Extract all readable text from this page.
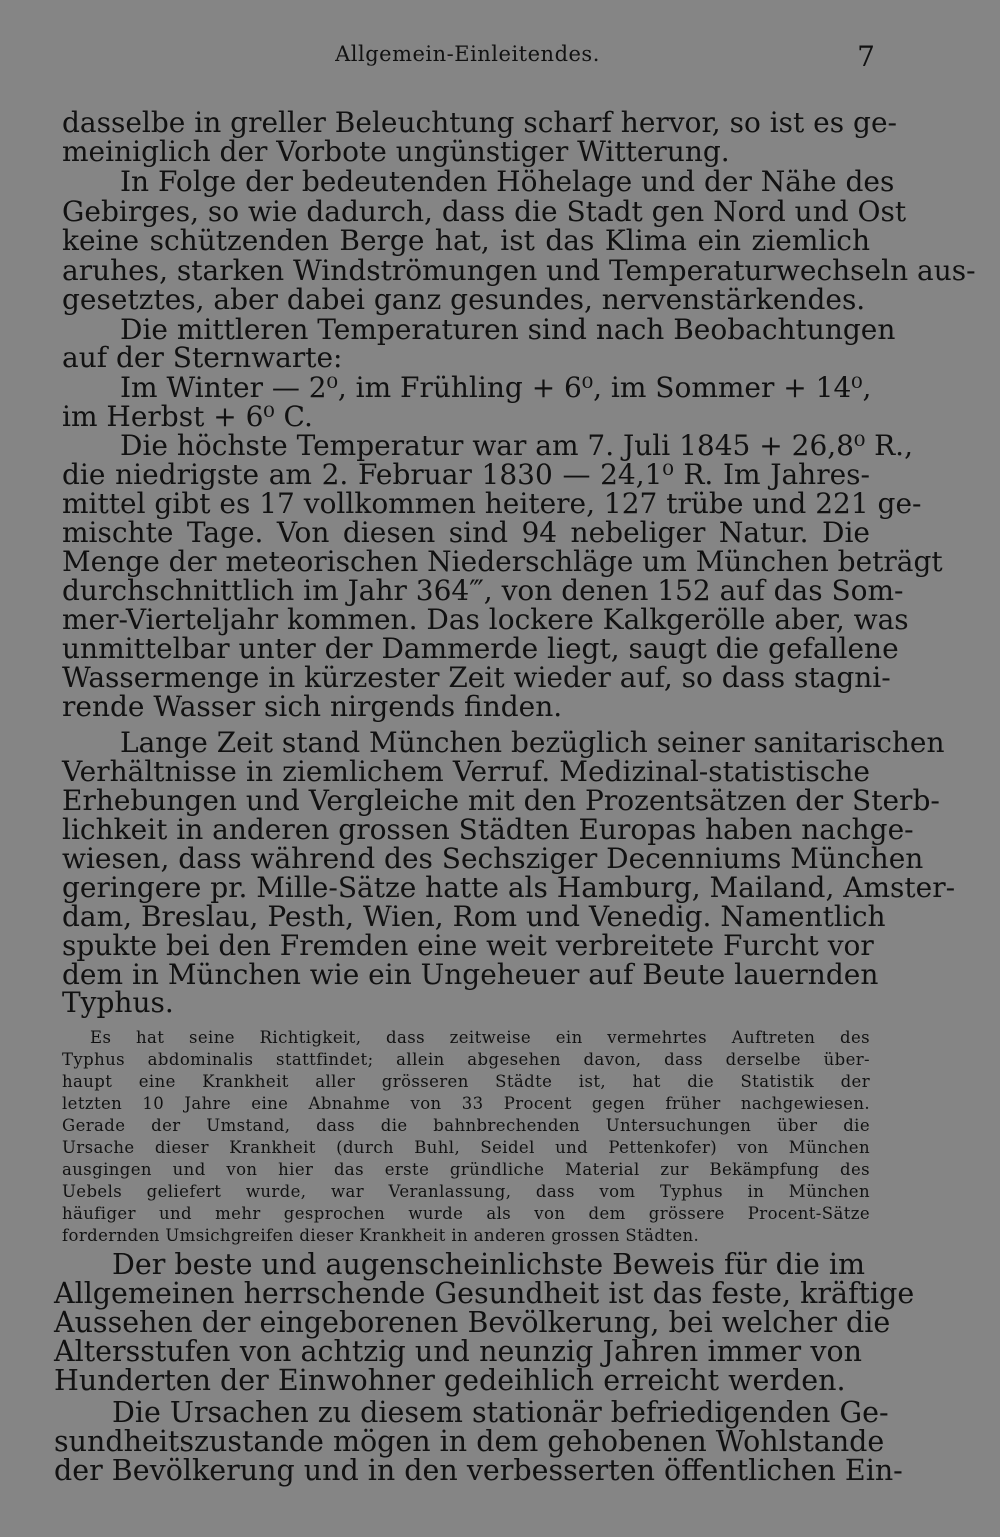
Allgemein-Einleitendes.	7
dasselbe in greller Beleuchtung scharf hervor, so ist es ge-
meiniglich der Vorbote ungünstiger Witterung.
In Folge der bedeutenden Höhelage und der Nähe des
Gebirges, so wie dadurch, dass die Stadt gen Nord und Ost
keine schützenden Berge hat, ist das Klima ein ziemlich
aruhes, starken Windströmungen und Temperaturwechseln aus-
gesetztes, aber dabei ganz gesundes, nervenstärkendes.
Die mittleren Temperaturen sind nach Beobachtungen
auf der Sternwarte:
Im Winter — 2⁰, im Frühling + 6⁰, im Sommer + 14⁰,
im Herbst + 6⁰ C.
Die höchste Temperatur war am 7. Juli 1845 + 26,8⁰ R.,
die niedrigste am 2. Februar 1830 — 24,1⁰ R. Im Jahres-
mittel gibt es 17 vollkommen heitere, 127 trübe und 221 ge-
mischte Tage. Von diesen sind 94 nebeliger Natur. Die
Menge der meteorischen Niederschläge um München beträgt
durchschnittlich im Jahr 364‴, von denen 152 auf das Som-
mer-Vierteljahr kommen. Das lockere Kalkgerölle aber, was
unmittelbar unter der Dammerde liegt, saugt die gefallene
Wassermenge in kürzester Zeit wieder auf, so dass stagni-
rende Wasser sich nirgends finden.
Lange Zeit stand München bezüglich seiner sanitarischen
Verhältnisse in ziemlichem Verruf. Medizinal-statistische
Erhebungen und Vergleiche mit den Prozentsätzen der Sterb-
lichkeit in anderen grossen Städten Europas haben nachge-
wiesen, dass während des Sechsziger Decenniums München
geringere pr. Mille-Sätze hatte als Hamburg, Mailand, Amster-
dam, Breslau, Pesth, Wien, Rom und Venedig. Namentlich
spukte bei den Fremden eine weit verbreitete Furcht vor
dem in München wie ein Ungeheuer auf Beute lauernden
Typhus.
Es hat seine Richtigkeit, dass zeitweise ein vermehrtes Auftreten des
Typhus abdominalis stattfindet; allein abgesehen davon, dass derselbe über-
haupt eine Krankheit aller grösseren Städte ist, hat die Statistik der
letzten 10 Jahre eine Abnahme von 33 Procent gegen früher nachgewiesen.
Gerade der Umstand, dass die bahnbrechenden Untersuchungen über die
Ursache dieser Krankheit (durch Buhl, Seidel und Pettenkofer) von München
ausgingen und von hier das erste gründliche Material zur Bekämpfung des
Uebels geliefert wurde, war Veranlassung, dass vom Typhus in München
häufiger und mehr gesprochen wurde als von dem grössere Procent-Sätze
fordernden Umsichgreifen dieser Krankheit in anderen grossen Städten.
Der beste und augenscheinlichste Beweis für die im
Allgemeinen herrschende Gesundheit ist das feste, kräftige
Aussehen der eingeborenen Bevölkerung, bei welcher die
Altersstufen von achtzig und neunzig Jahren immer von
Hunderten der Einwohner gedeihlich erreicht werden.
Die Ursachen zu diesem stationär befriedigenden Ge-
sundheitszustande mögen in dem gehobenen Wohlstande
der Bevölkerung und in den verbesserten öffentlichen Ein-
